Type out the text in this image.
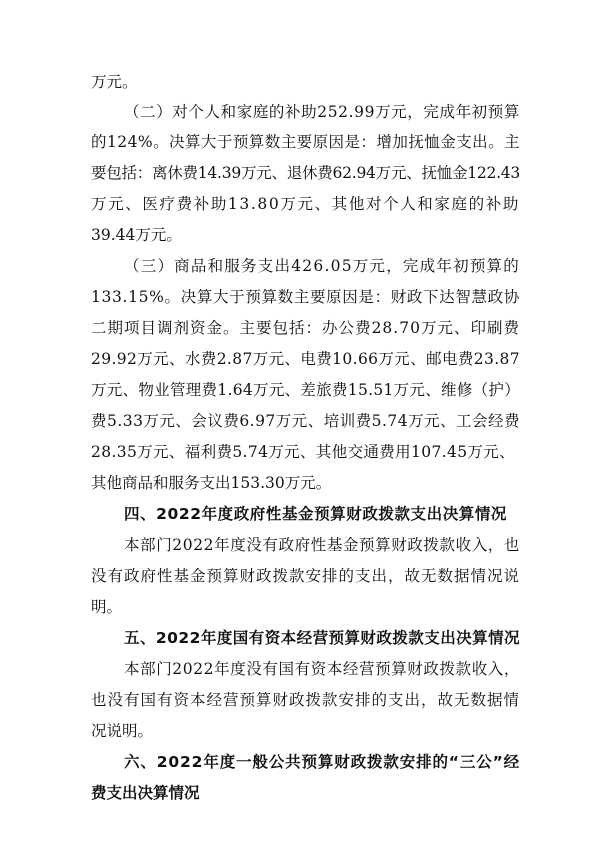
万元。
（二）对个人和家庭的补助252.99万元，完成年初预算
的124%。决算大于预算数主要原因是：增加抚恤金支出。主
要包括：离休费14.39万元、退休费62.94万元、抚恤金122.43
万元、医疗费补助13.80万元、其他对个人和家庭的补助
39.44万元。
（三）商品和服务支出426.05万元，完成年初预算的
133.15%。决算大于预算数主要原因是：财政下达智慧政协
二期项目调剂资金。主要包括：办公费28.70万元、印刷费
29.92万元、水费2.87万元、电费10.66万元、邮电费23.87
万元、物业管理费1.64万元、差旅费15.51万元、维修（护）
费5.33万元、会议费6.97万元、培训费5.74万元、工会经费
28.35万元、福利费5.74万元、其他交通费用107.45万元、
其他商品和服务支出153.30万元。
四、2022年度政府性基金预算财政拨款支出决算情况
本部门2022年度没有政府性基金预算财政拨款收入，也
没有政府性基金预算财政拨款安排的支出，故无数据情况说
明。
五、2022年度国有资本经营预算财政拨款支出决算情况
本部门2022年度没有国有资本经营预算财政拨款收入，
也没有国有资本经营预算财政拨款安排的支出，故无数据情
况说明。
六、2022年度一般公共预算财政拨款安排的“三公”经
费支出决算情况
